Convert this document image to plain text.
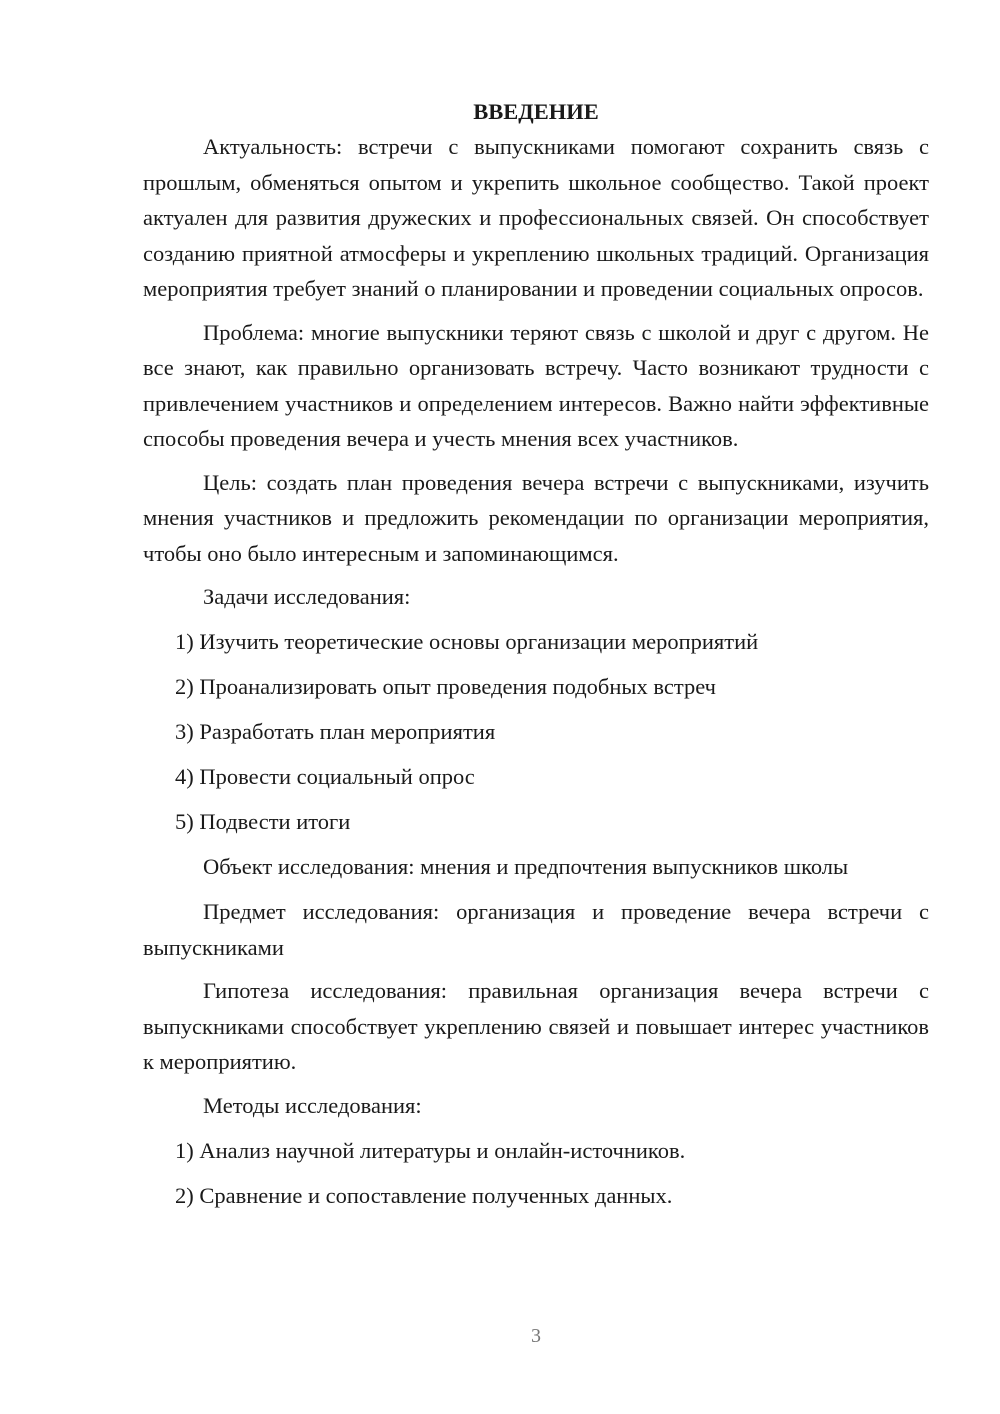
ВВЕДЕНИЕ

Актуальность: встречи с выпускниками помогают сохранить связь с прошлым, обменяться опытом и укрепить школьное сообщество. Такой проект актуален для развития дружеских и профессиональных связей. Он способствует созданию приятной атмосферы и укреплению школьных традиций. Организация мероприятия требует знаний о планировании и проведении социальных опросов.

Проблема: многие выпускники теряют связь с школой и друг с другом. Не все знают, как правильно организовать встречу. Часто возникают трудности с привлечением участников и определением интересов. Важно найти эффективные способы проведения вечера и учесть мнения всех участников.

Цель: создать план проведения вечера встречи с выпускниками, изучить мнения участников и предложить рекомендации по организации мероприятия, чтобы оно было интересным и запоминающимся.

Задачи исследования:
1) Изучить теоретические основы организации мероприятий
2) Проанализировать опыт проведения подобных встреч
3) Разработать план мероприятия
4) Провести социальный опрос
5) Подвести итоги
Объект исследования: мнения и предпочтения выпускников школы

Предмет исследования: организация и проведение вечера встречи с выпускниками

Гипотеза исследования: правильная организация вечера встречи с выпускниками способствует укреплению связей и повышает интерес участников к мероприятию.

Методы исследования:
1) Анализ научной литературы и онлайн-источников.
2) Сравнение и сопоставление полученных данных.
3
